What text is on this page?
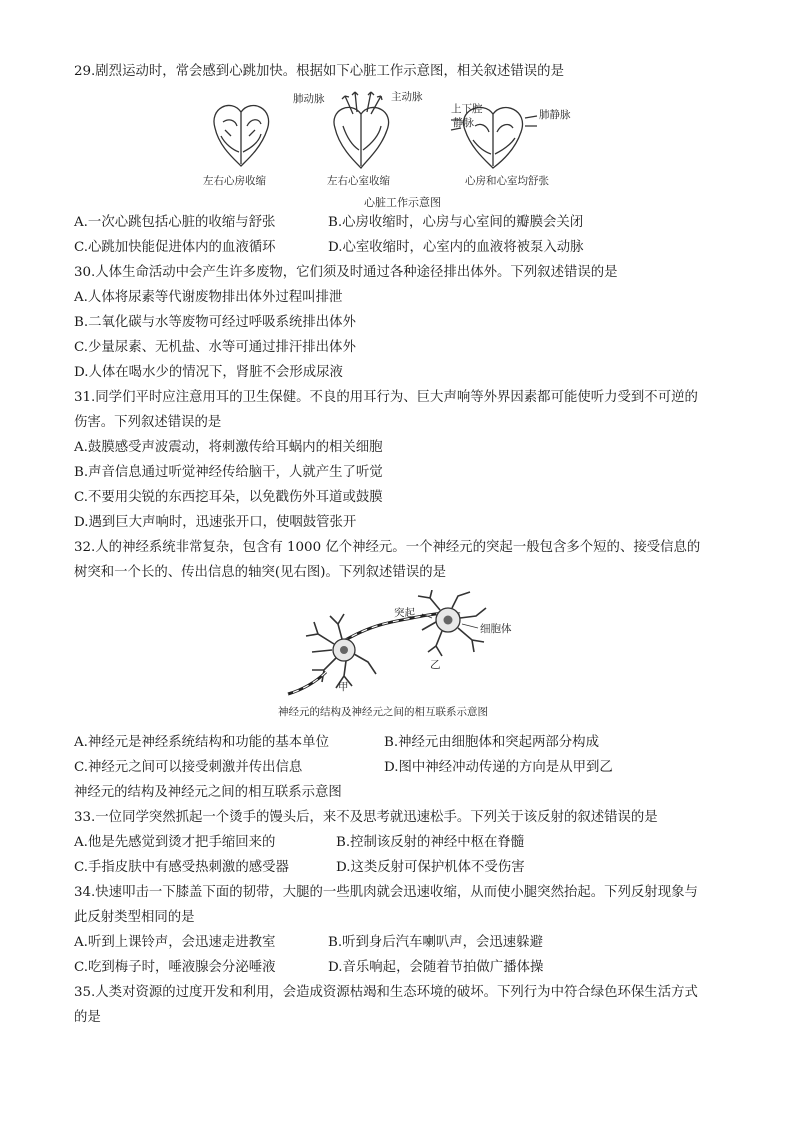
29.剧烈运动时，常会感到心跳加快。根据如下心脏工作示意图，相关叙述错误的是
肺动脉	主动脉
上下腔
静脉
肺静脉
左右心房收缩	左右心室收缩	心房和心室均舒张
心脏工作示意图
A.一次心跳包括心脏的收缩与舒张	B.心房收缩时，心房与心室间的瓣膜会关闭
C.心跳加快能促进体内的血液循环	D.心室收缩时，心室内的血液将被泵入动脉
30.人体生命活动中会产生许多废物，它们须及时通过各种途径排出体外。下列叙述错误的是
A.人体将尿素等代谢废物排出体外过程叫排泄
B.二氧化碳与水等废物可经过呼吸系统排出体外
C.少量尿素、无机盐、水等可通过排汗排出体外
D.人体在喝水少的情况下，肾脏不会形成尿液
31.同学们平时应注意用耳的卫生保健。不良的用耳行为、巨大声响等外界因素都可能使听力受到不可逆的
伤害。下列叙述错误的是
A.鼓膜感受声波震动，将刺激传给耳蜗内的相关细胞
B.声音信息通过听觉神经传给脑干，人就产生了听觉
C.不要用尖锐的东西挖耳朵，以免戳伤外耳道或鼓膜
D.遇到巨大声响时，迅速张开口，使咽鼓管张开
32.人的神经系统非常复杂，包含有 1000 亿个神经元。一个神经元的突起一般包含多个短的、接受信息的
树突和一个长的、传出信息的轴突(见右图)。下列叙述错误的是
突起
细胞体
甲
乙
神经元的结构及神经元之间的相互联系示意图
A.神经元是神经系统结构和功能的基本单位	B.神经元由细胞体和突起两部分构成
C.神经元之间可以接受刺激并传出信息	D.图中神经冲动传递的方向是从甲到乙
神经元的结构及神经元之间的相互联系示意图
33.一位同学突然抓起一个烫手的馒头后，来不及思考就迅速松手。下列关于该反射的叙述错误的是
A.他是先感觉到烫才把手缩回来的	B.控制该反射的神经中枢在脊髓
C.手指皮肤中有感受热刺激的感受器	D.这类反射可保护机体不受伤害
34.快速叩击一下膝盖下面的韧带，大腿的一些肌肉就会迅速收缩，从而使小腿突然抬起。下列反射现象与
此反射类型相同的是
A.听到上课铃声，会迅速走进教室	B.听到身后汽车喇叭声，会迅速躲避
C.吃到梅子时，唾液腺会分泌唾液	D.音乐响起，会随着节拍做广播体操
35.人类对资源的过度开发和利用，会造成资源枯竭和生态环境的破坏。下列行为中符合绿色环保生活方式
的是
